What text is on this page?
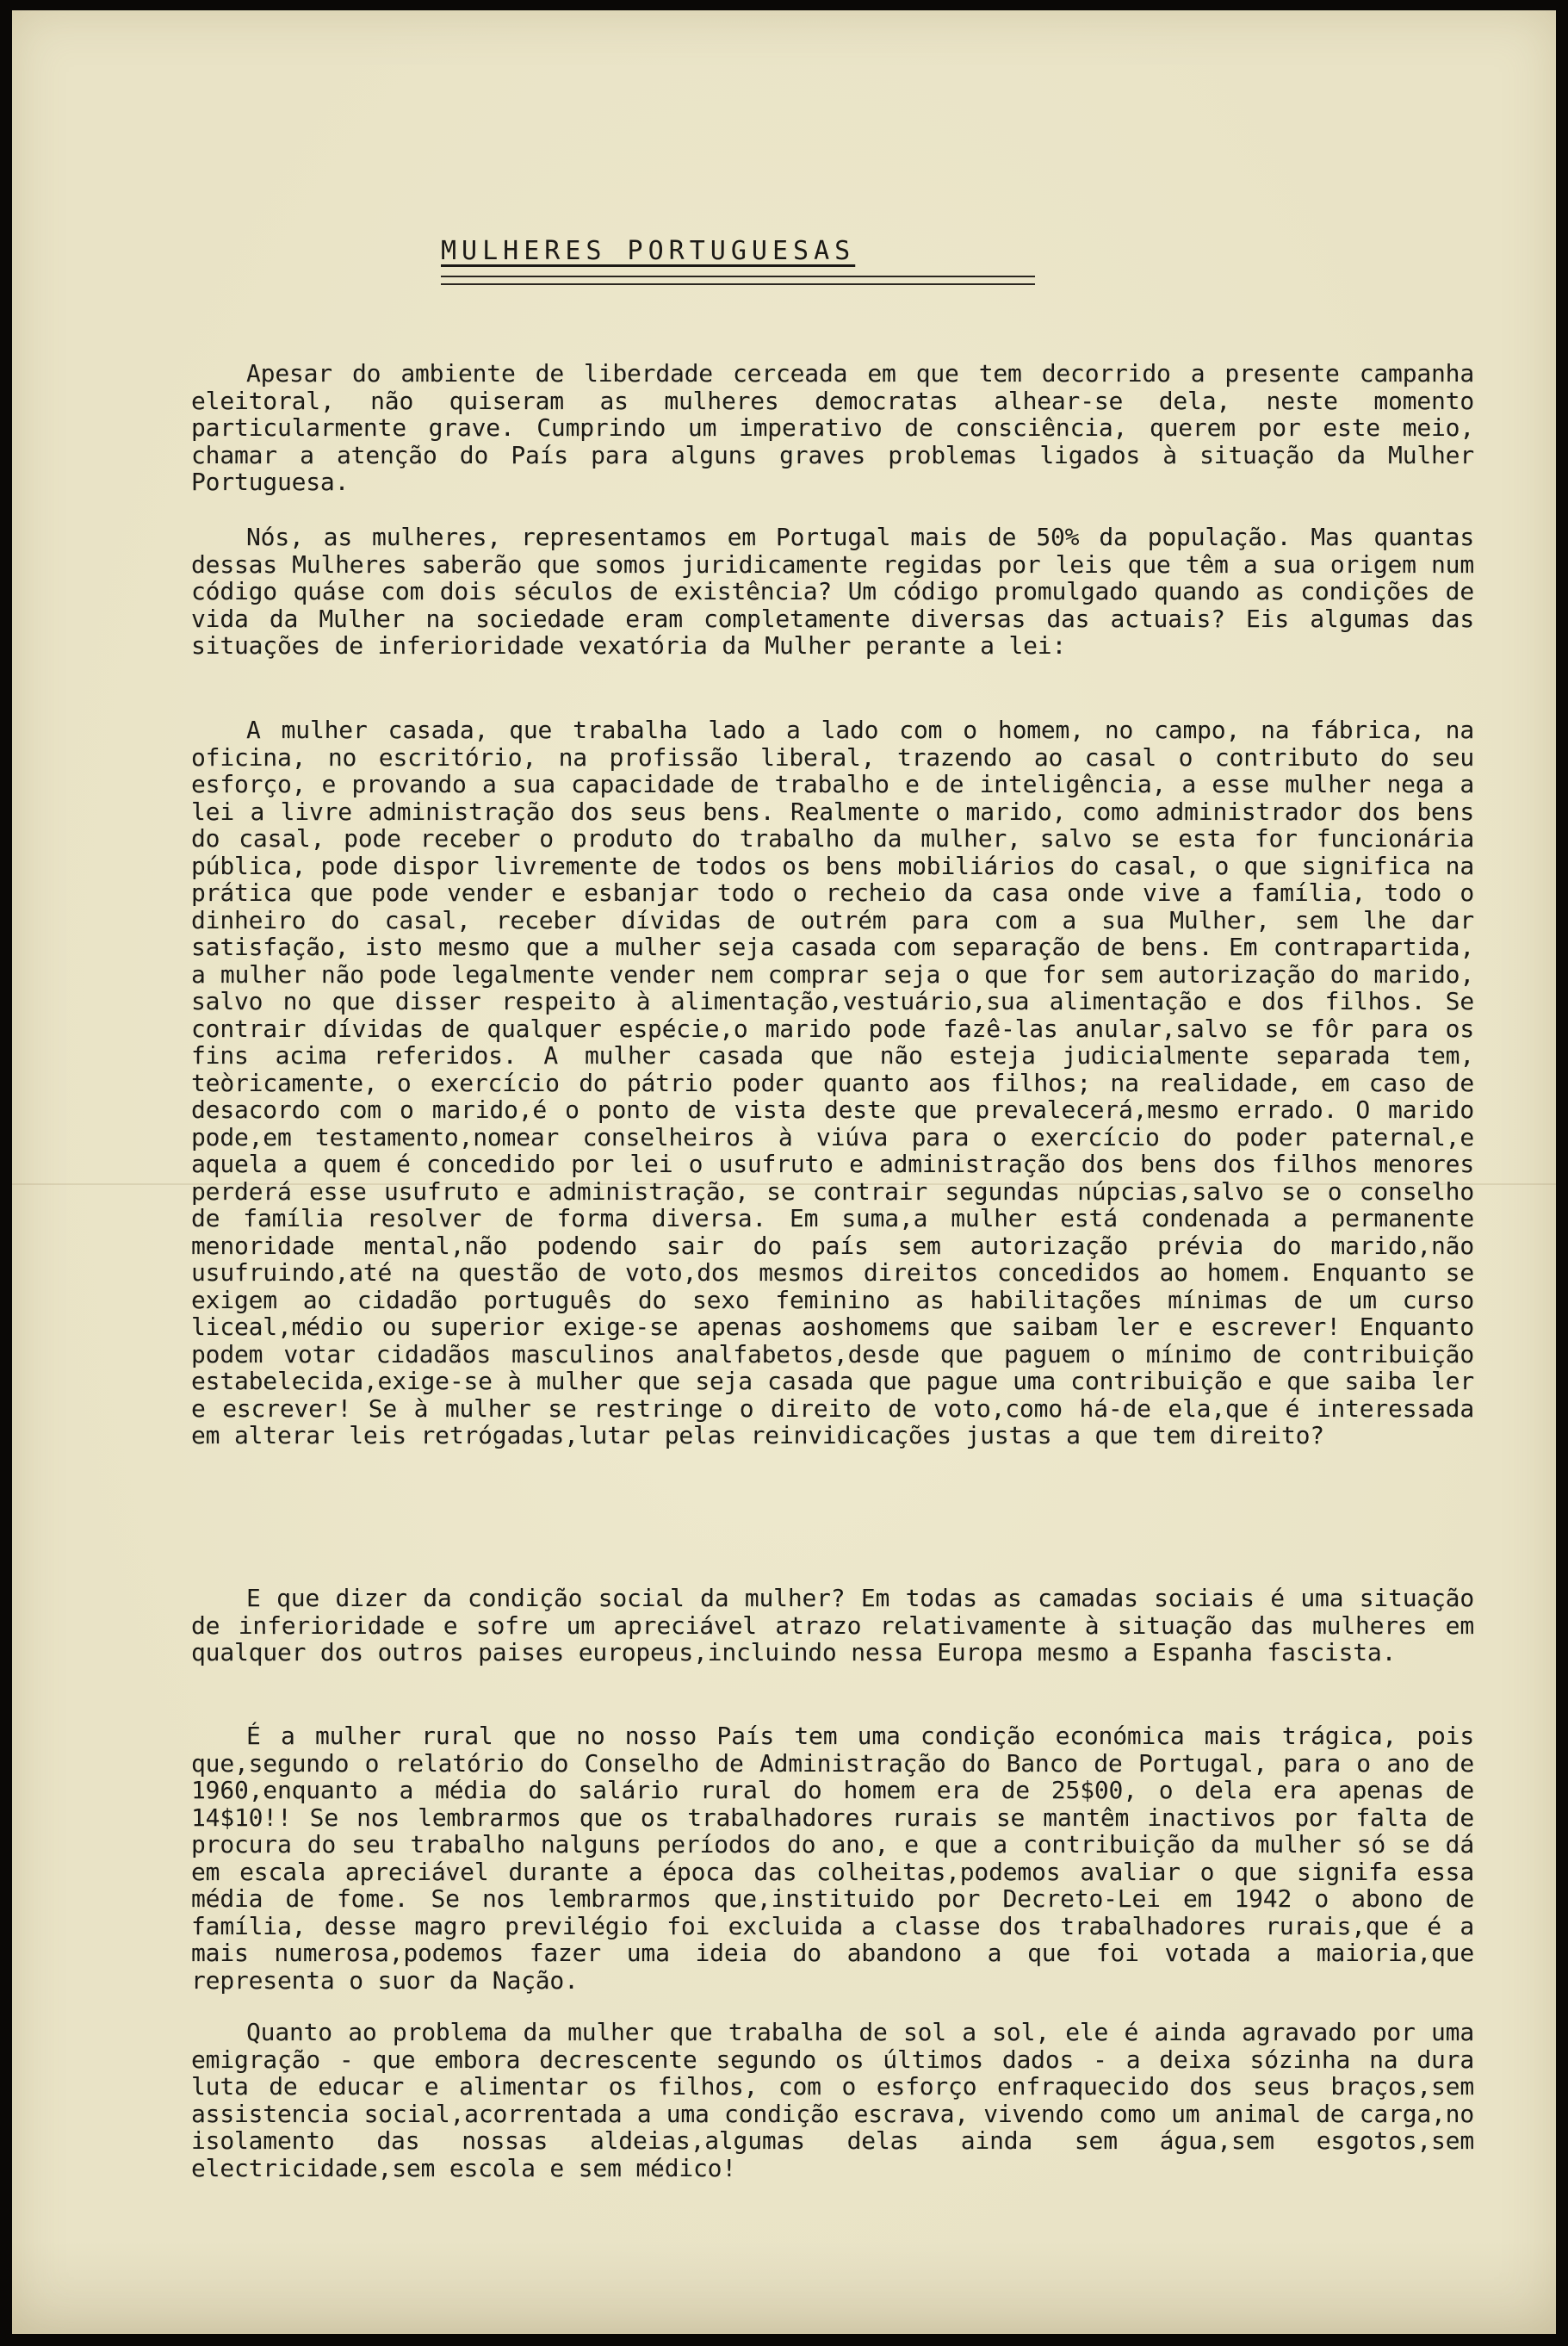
MULHERES PORTUGUESAS

Apesar do ambiente de liberdade cerceada em que tem decorrido a presente campanha eleitoral, não quiseram as mulheres democratas alhear-se dela, neste momento particularmente grave. Cumprindo um imperativo de consciência, querem por este meio, chamar a atenção do País para alguns graves problemas ligados à situação da Mulher Portuguesa.

Nós, as mulheres, representamos em Portugal mais de 50% da população. Mas quantas dessas Mulheres saberão que somos juridicamente regidas por leis que têm a sua origem num código quáse com dois séculos de existência? Um código promulgado quando as condições de vida da Mulher na sociedade eram completamente diversas das actuais? Eis algumas das situações de inferioridade vexatória da Mulher perante a lei:

A mulher casada, que trabalha lado a lado com o homem, no campo, na fábrica, na oficina, no escritório, na profissão liberal, trazendo ao casal o contributo do seu esforço, e provando a sua capacidade de trabalho e de inteligência, a esse mulher nega a lei a livre administração dos seus bens. Realmente o marido, como administrador dos bens do casal, pode receber o produto do trabalho da mulher, salvo se esta for funcionária pública, pode dispor livremente de todos os bens mobiliários do casal, o que significa na prática que pode vender e esbanjar todo o recheio da casa onde vive a família, todo o dinheiro do casal, receber dívidas de outrém para com a sua Mulher, sem lhe dar satisfação, isto mesmo que a mulher seja casada com separação de bens. Em contrapartida, a mulher não pode legalmente vender nem comprar seja o que for sem autorização do marido, salvo no que disser respeito à alimentação,vestuário,sua alimentação e dos filhos. Se contrair dívidas de qualquer espécie,o marido pode fazê-las anular,salvo se fôr para os fins acima referidos. A mulher casada que não esteja judicialmente separada tem, teòricamente, o exercício do pátrio poder quanto aos filhos; na realidade, em caso de desacordo com o marido,é o ponto de vista deste que prevalecerá,mesmo errado. O marido pode,em testamento,nomear conselheiros à viúva para o exercício do poder paternal,e aquela a quem é concedido por lei o usufruto e administração dos bens dos filhos menores perderá esse usufruto e administração, se contrair segundas núpcias,salvo se o conselho de família resolver de forma diversa. Em suma,a mulher está condenada a permanente menoridade mental,não podendo sair do país sem autorização prévia do marido,não usufruindo,até na questão de voto,dos mesmos direitos concedidos ao homem. Enquanto se exigem ao cidadão português do sexo feminino as habilitações mínimas de um curso liceal,médio ou superior exige-se apenas aoshomems que saibam ler e escrever! Enquanto podem votar cidadãos masculinos analfabetos,desde que paguem o mínimo de contribuição estabelecida,exige-se à mulher que seja casada que pague uma contribuição e que saiba ler e escrever! Se à mulher se restringe o direito de voto,como há-de ela,que é interessada em alterar leis retrógadas,lutar pelas reinvidicações justas a que tem direito?

E que dizer da condição social da mulher? Em todas as camadas sociais é uma situação de inferioridade e sofre um apreciável atrazo relativamente à situação das mulheres em qualquer dos outros paises europeus,incluindo nessa Europa mesmo a Espanha fascista.

É a mulher rural que no nosso País tem uma condição económica mais trágica, pois que,segundo o relatório do Conselho de Administração do Banco de Portugal, para o ano de 1960,enquanto a média do salário rural do homem era de 25$00, o dela era apenas de 14$10!! Se nos lembrarmos que os trabalhadores rurais se mantêm inactivos por falta de procura do seu trabalho nalguns períodos do ano, e que a contribuição da mulher só se dá em escala apreciável durante a época das colheitas,podemos avaliar o que signifa essa média de fome. Se nos lembrarmos que,instituido por Decreto-Lei em 1942 o abono de família, desse magro previlégio foi excluida a classe dos trabalhadores rurais,que é a mais numerosa,podemos fazer uma ideia do abandono a que foi votada a maioria,que representa o suor da Nação.

Quanto ao problema da mulher que trabalha de sol a sol, ele é ainda agravado por uma emigração - que embora decrescente segundo os últimos dados - a deixa sózinha na dura luta de educar e alimentar os filhos, com o esforço enfraquecido dos seus braços,sem assistencia social,acorrentada a uma condição escrava, vivendo como um animal de carga,no isolamento das nossas aldeias,algumas delas ainda sem água,sem esgotos,sem electricidade,sem escola e sem médico!
